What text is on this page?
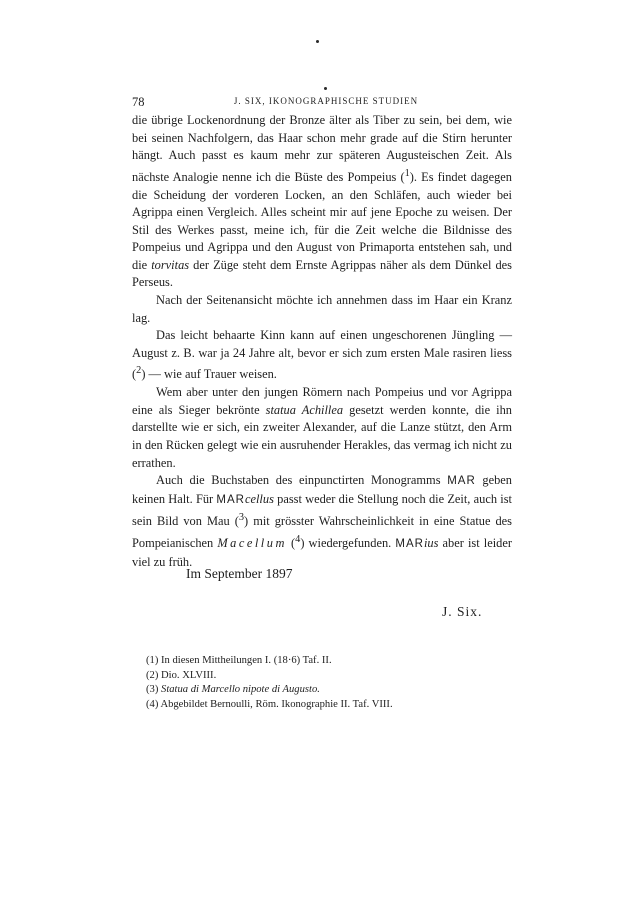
78	J. SIX, IKONOGRAPHISCHE STUDIEN

die übrige Lockenordnung der Bronze älter als Tiber zu sein, bei dem, wie bei seinen Nachfolgern, das Haar schon mehr grade auf die Stirn herunter hängt. Auch passt es kaum mehr zur späteren Augusteischen Zeit. Als nächste Analogie nenne ich die Büste des Pompeius ($^1$). Es findet dagegen die Scheidung der vorderen Locken, an den Schläfen, auch wieder bei Agrippa einen Vergleich. Alles scheint mir auf jene Epoche zu weisen. Der Stil des Werkes passt, meine ich, für die Zeit welche die Bildnisse des Pompeius und Agrippa und den August von Primaporta entstehen sah, und die torvitas der Züge steht dem Ernste Agrippas näher als dem Dünkel des Perseus.

Nach der Seitenansicht möchte ich annehmen dass im Haar ein Kranz lag.

Das leicht behaarte Kinn kann auf einen ungeschorenen Jüngling — August z. B. war ja 24 Jahre alt, bevor er sich zum ersten Male rasiren liess ($^2$) — wie auf Trauer weisen.

Wem aber unter den jungen Römern nach Pompeius und vor Agrippa eine als Sieger bekrönte statua Achillea gesetzt werden konnte, die ihn darstellte wie er sich, ein zweiter Alexander, auf die Lanze stützt, den Arm in den Rücken gelegt wie ein ausruhender Herakles, das vermag ich nicht zu errathen.

Auch die Buchstaben des einpunctirten Monogramms MAR geben keinen Halt. Für MARcellus passt weder die Stellung noch die Zeit, auch ist sein Bild von Mau ($^3$) mit grösster Wahrscheinlichkeit in eine Statue des Pompeianischen Macellum ($^4$) wiedergefunden. MARius aber ist leider viel zu früh.

Im September 1897
J. Six.
(1) In diesen Mittheilungen I. (18·6) Taf. II.
(2) Dio. XLVIII.
(3) Statua di Marcello nipote di Augusto.
(4) Abgebildet Bernoulli, Röm. Ikonographie II. Taf. VIII.
